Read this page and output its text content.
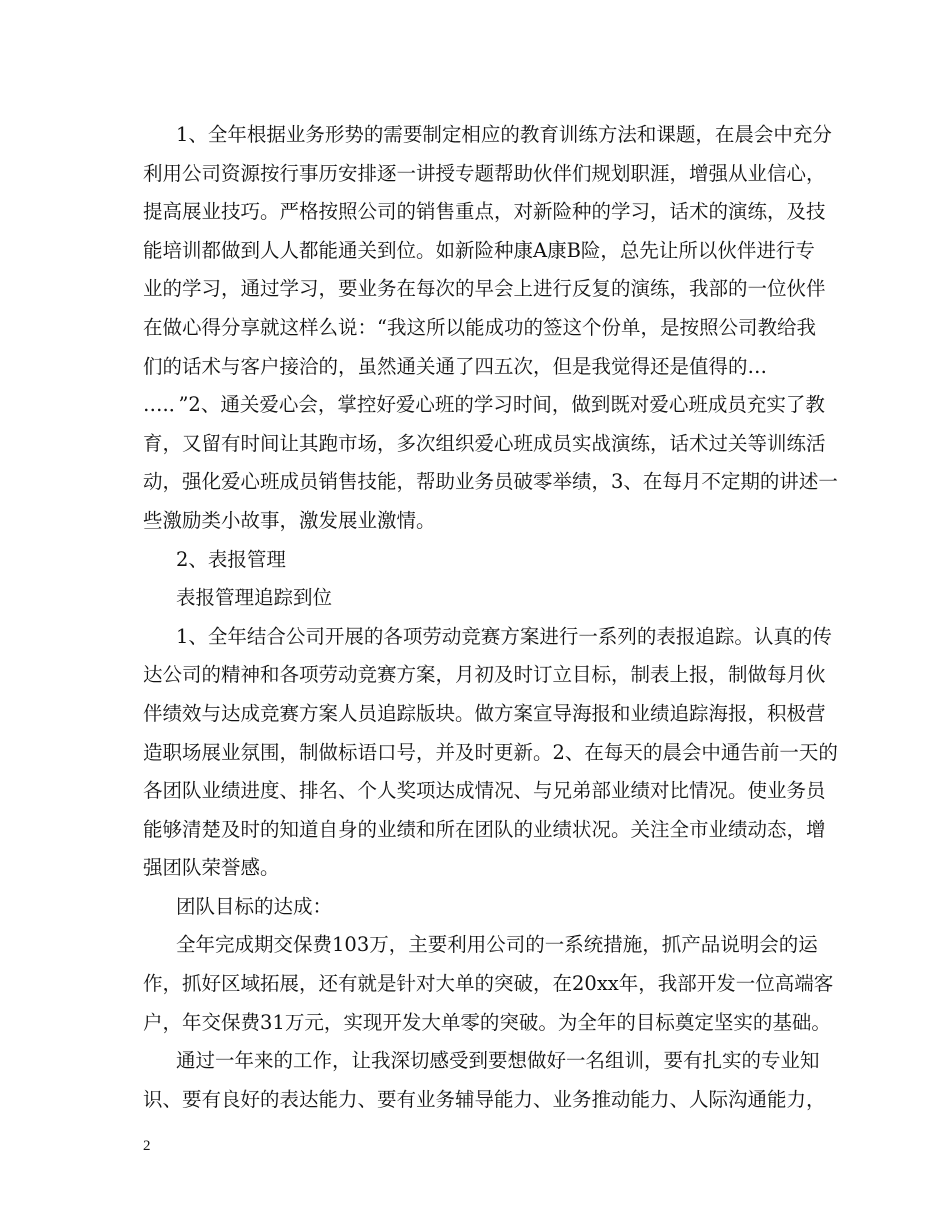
1、全年根据业务形势的需要制定相应的教育训练方法和课题，在晨会中充分
利用公司资源按行事历安排逐一讲授专题帮助伙伴们规划职涯，增强从业信心，
提高展业技巧。严格按照公司的销售重点，对新险种的学习，话术的演练，及技
能培训都做到人人都能通关到位。如新险种康A康B险，总先让所以伙伴进行专
业的学习，通过学习，要业务在每次的早会上进行反复的演练，我部的一位伙伴
在做心得分享就这样么说：“我这所以能成功的签这个份单，是按照公司教给我
们的话术与客户接洽的，虽然通关通了四五次，但是我觉得还是值得的…
….．”2、通关爱心会，掌控好爱心班的学习时间，做到既对爱心班成员充实了教
育，又留有时间让其跑市场，多次组织爱心班成员实战演练，话术过关等训练活
动，强化爱心班成员销售技能，帮助业务员破零举绩，3、在每月不定期的讲述一
些激励类小故事，激发展业激情。
2、表报管理
表报管理追踪到位
1、全年结合公司开展的各项劳动竞赛方案进行一系列的表报追踪。认真的传
达公司的精神和各项劳动竞赛方案，月初及时订立目标，制表上报，制做每月伙
伴绩效与达成竞赛方案人员追踪版块。做方案宣导海报和业绩追踪海报，积极营
造职场展业氛围，制做标语口号，并及时更新。2、在每天的晨会中通告前一天的
各团队业绩进度、排名、个人奖项达成情况、与兄弟部业绩对比情况。使业务员
能够清楚及时的知道自身的业绩和所在团队的业绩状况。关注全市业绩动态，增
强团队荣誉感。
团队目标的达成：
全年完成期交保费103万，主要利用公司的一系统措施，抓产品说明会的运
作，抓好区域拓展，还有就是针对大单的突破，在20xx年，我部开发一位高端客
户，年交保费31万元，实现开发大单零的突破。为全年的目标奠定坚实的基础。
通过一年来的工作，让我深切感受到要想做好一名组训，要有扎实的专业知
识、要有良好的表达能力、要有业务辅导能力、业务推动能力、人际沟通能力，
2
